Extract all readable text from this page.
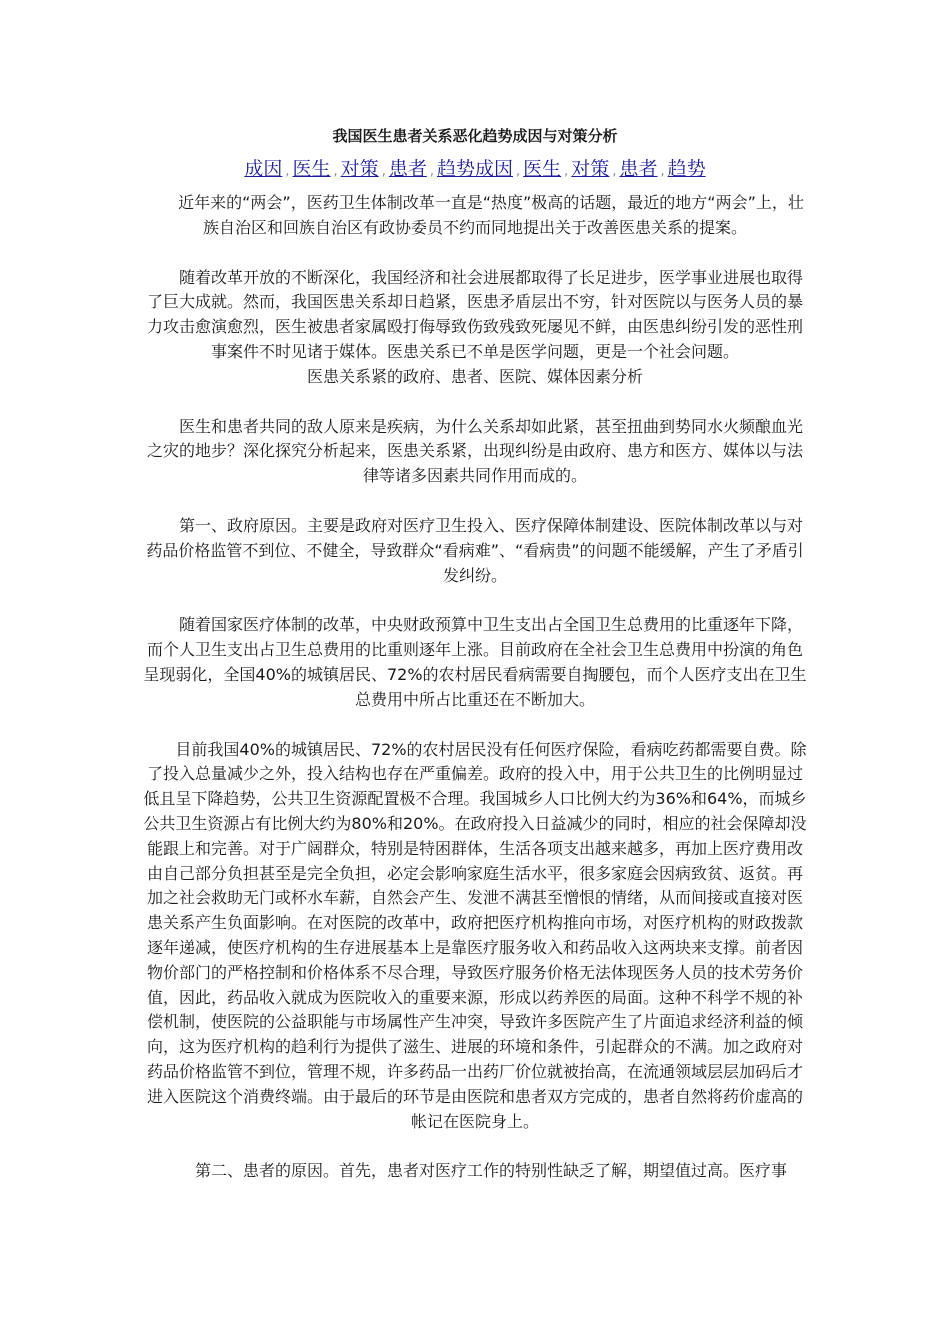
我国医生患者关系恶化趋势成因与对策分析
成因 , 医生 , 对策 , 患者 , 趋势成因 , 医生 , 对策 , 患者 , 趋势

近年来的“两会”，医药卫生体制改革一直是“热度”极高的话题，最近的地方“两会”上，壮族自治区和回族自治区有政协委员不约而同地提出关于改善医患关系的提案。

随着改革开放的不断深化，我国经济和社会进展都取得了长足进步，医学事业进展也取得了巨大成就。然而，我国医患关系却日趋紧，医患矛盾层出不穷，针对医院以与医务人员的暴力攻击愈演愈烈，医生被患者家属殴打侮辱致伤致残致死屡见不鲜，由医患纠纷引发的恶性刑事案件不时见诸于媒体。医患关系已不单是医学问题，更是一个社会问题。
医患关系紧的政府、患者、医院、媒体因素分析

医生和患者共同的敌人原来是疾病，为什么关系却如此紧，甚至扭曲到势同水火频酿血光之灾的地步？深化探究分析起来，医患关系紧，出现纠纷是由政府、患方和医方、媒体以与法律等诸多因素共同作用而成的。

第一、政府原因。主要是政府对医疗卫生投入、医疗保障体制建设、医院体制改革以与对药品价格监管不到位、不健全，导致群众“看病难”、“看病贵”的问题不能缓解，产生了矛盾引发纠纷。

随着国家医疗体制的改革，中央财政预算中卫生支出占全国卫生总费用的比重逐年下降，而个人卫生支出占卫生总费用的比重则逐年上涨。目前政府在全社会卫生总费用中扮演的角色呈现弱化，全国40%的城镇居民、72%的农村居民看病需要自掏腰包，而个人医疗支出在卫生总费用中所占比重还在不断加大。

目前我国40%的城镇居民、72%的农村居民没有任何医疗保险，看病吃药都需要自费。除了投入总量减少之外，投入结构也存在严重偏差。政府的投入中，用于公共卫生的比例明显过低且呈下降趋势，公共卫生资源配置极不合理。我国城乡人口比例大约为36%和64%，而城乡公共卫生资源占有比例大约为80%和20%。在政府投入日益减少的同时，相应的社会保障却没能跟上和完善。对于广阔群众，特别是特困群体，生活各项支出越来越多，再加上医疗费用改由自己部分负担甚至是完全负担，必定会影响家庭生活水平，很多家庭会因病致贫、返贫。再加之社会救助无门或杯水车薪，自然会产生、发泄不满甚至憎恨的情绪，从而间接或直接对医患关系产生负面影响。在对医院的改革中，政府把医疗机构推向市场，对医疗机构的财政拨款逐年递减，使医疗机构的生存进展基本上是靠医疗服务收入和药品收入这两块来支撑。前者因物价部门的严格控制和价格体系不尽合理，导致医疗服务价格无法体现医务人员的技术劳务价值，因此，药品收入就成为医院收入的重要来源，形成以药养医的局面。这种不科学不规的补偿机制，使医院的公益职能与市场属性产生冲突，导致许多医院产生了片面追求经济利益的倾向，这为医疗机构的趋利行为提供了滋生、进展的环境和条件，引起群众的不满。加之政府对药品价格监管不到位，管理不规，许多药品一出药厂价位就被抬高，在流通领域层层加码后才进入医院这个消费终端。由于最后的环节是由医院和患者双方完成的，患者自然将药价虚高的帐记在医院身上。

第二、患者的原因。首先，患者对医疗工作的特别性缺乏了解，期望值过高。医疗事
